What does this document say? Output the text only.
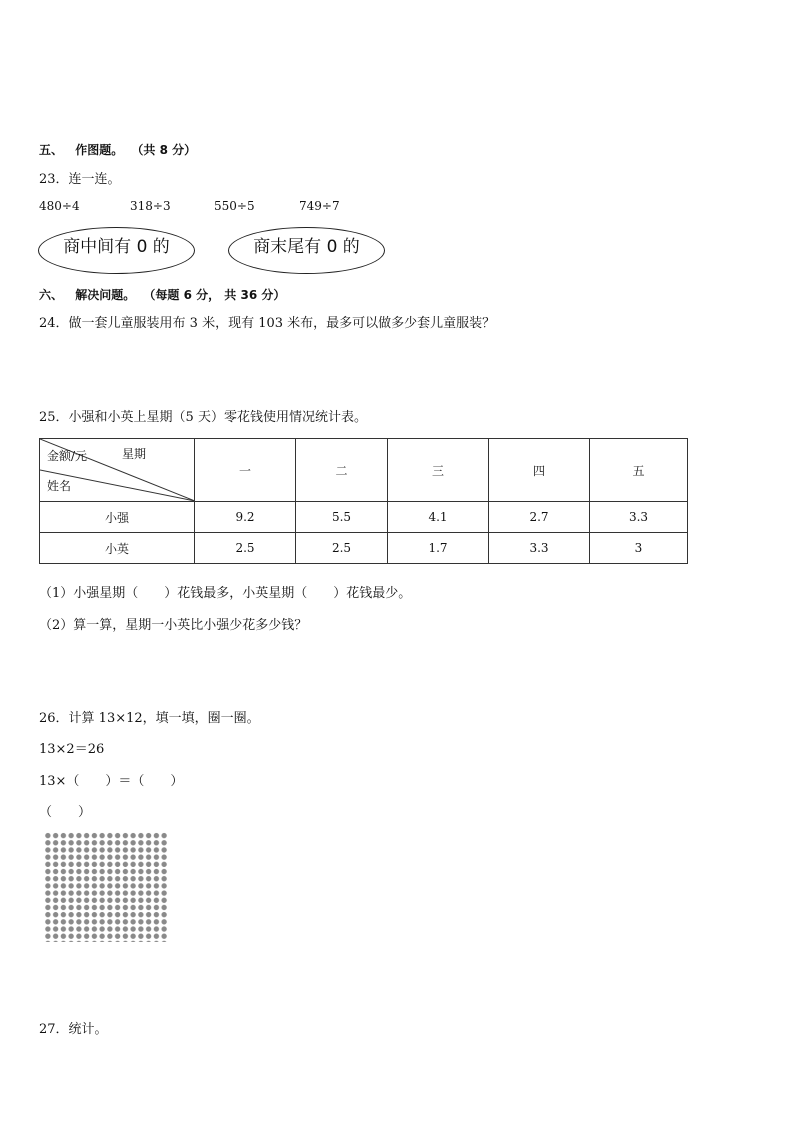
五、 作图题。 （共 8 分）
23．连一连。
480÷4	318÷3	550÷5	749÷7
商中间有 0 的	商末尾有 0 的
六、 解决问题。 （每题 6 分， 共 36 分）
24．做一套儿童服装用布 3 米，现有 103 米布，最多可以做多少套儿童服装？
25．小强和小英上星期（5 天）零花钱使用情况统计表。
金额/元 星期
姓名	一	二	三	四	五
小强	9.2	5.5	4.1	2.7	3.3
小英	2.5	2.5	1.7	3.3	3
（1）小强星期（　　）花钱最多，小英星期（　　）花钱最少。
（2）算一算，星期一小英比小强少花多少钱？
26．计算 13×12，填一填，圈一圈。
13×2＝26
13×（　　）＝（　　）
（　　）
27．统计。
